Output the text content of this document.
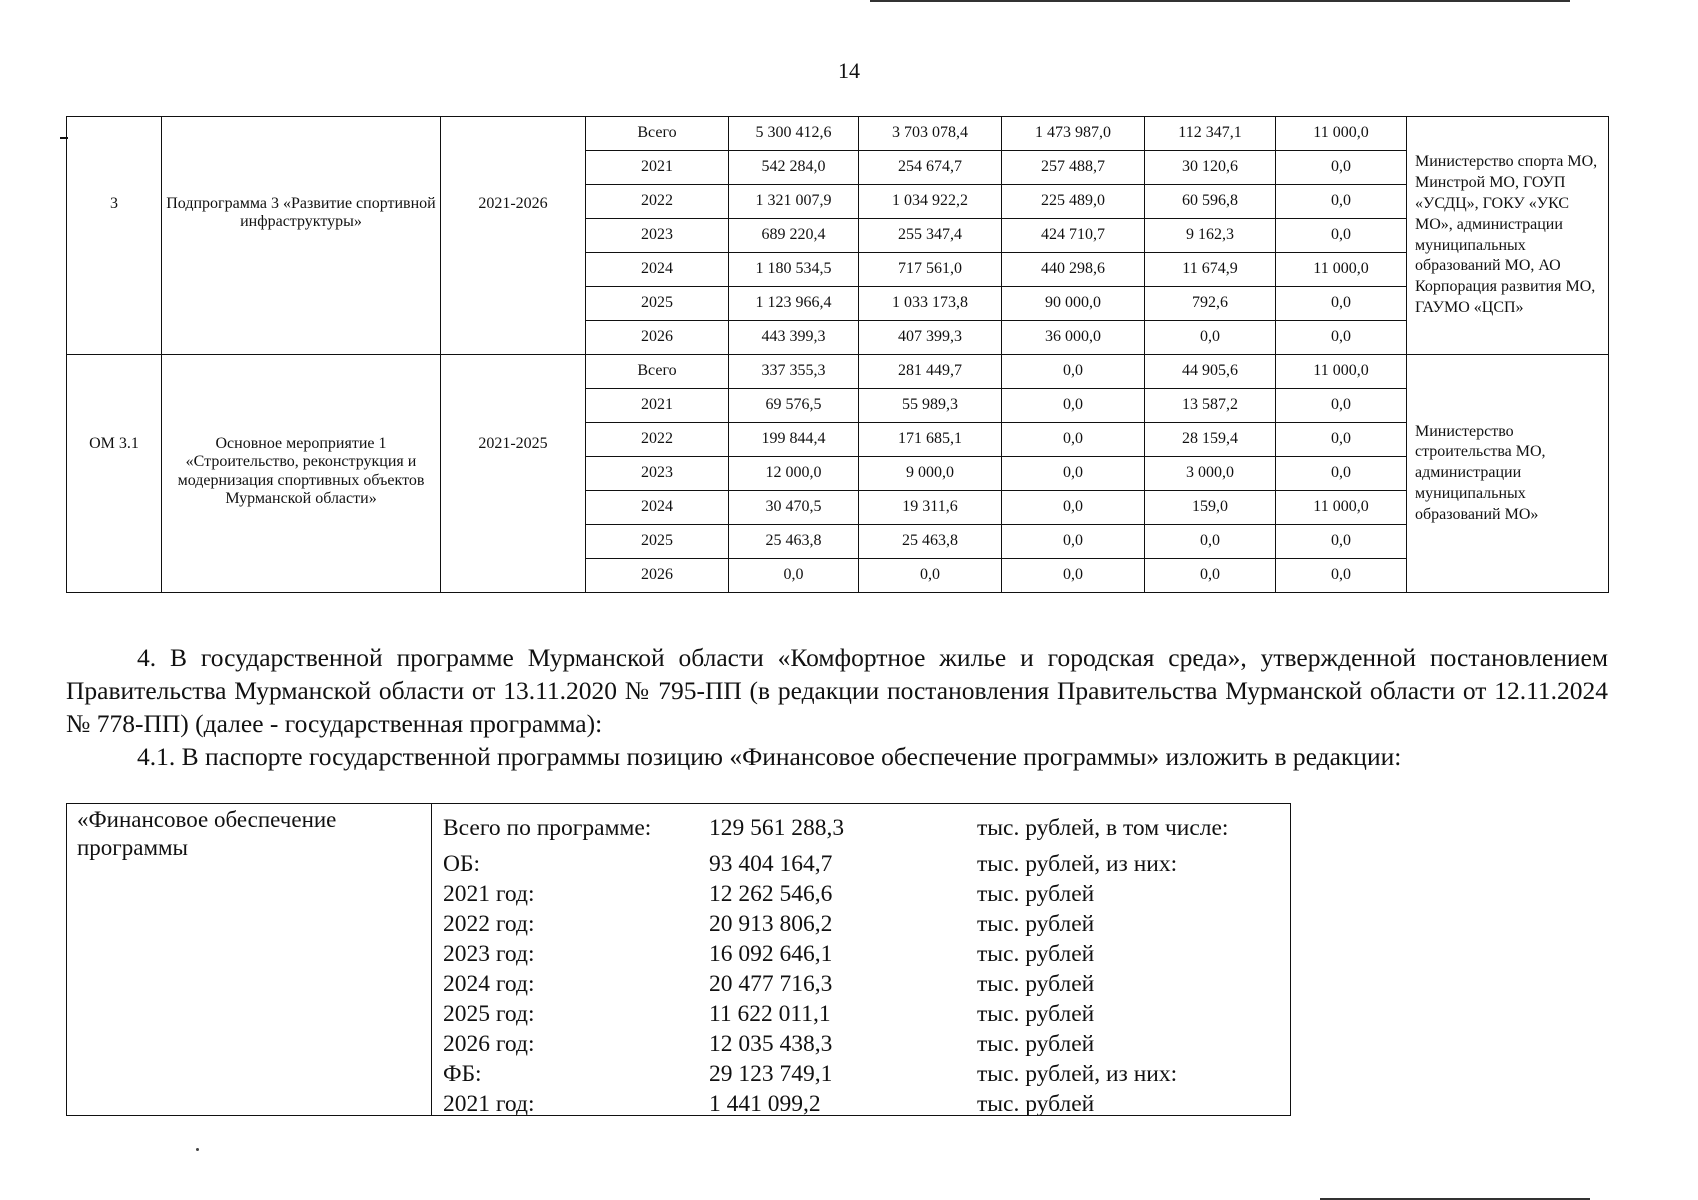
14
3	Подпрограмма 3 «Развитие спортивной инфраструктуры»	2021-2026	Всего	5 300 412,6	3 703 078,4	1 473 987,0	112 347,1	11 000,0	Министерство спорта МО, Минстрой МО, ГОУП «УСДЦ», ГОКУ «УКС МО», администрации муниципальных образований МО, АО Корпорация развития МО, ГАУМО «ЦСП»
			2021	542 284,0	254 674,7	257 488,7	30 120,6	0,0	
			2022	1 321 007,9	1 034 922,2	225 489,0	60 596,8	0,0	
			2023	689 220,4	255 347,4	424 710,7	9 162,3	0,0	
			2024	1 180 534,5	717 561,0	440 298,6	11 674,9	11 000,0	
			2025	1 123 966,4	1 033 173,8	90 000,0	792,6	0,0	
			2026	443 399,3	407 399,3	36 000,0	0,0	0,0	

ОМ 3.1	Основное мероприятие 1 «Строительство, реконструкция и модернизация спортивных объектов Мурманской области»	2021-2025	Всего	337 355,3	281 449,7	0,0	44 905,6	11 000,0	Министерство строительства МО, администрации муниципальных образований МО»
			2021	69 576,5	55 989,3	0,0	13 587,2	0,0	
			2022	199 844,4	171 685,1	0,0	28 159,4	0,0	
			2023	12 000,0	9 000,0	0,0	3 000,0	0,0	
			2024	30 470,5	19 311,6	0,0	159,0	11 000,0	
			2025	25 463,8	25 463,8	0,0	0,0	0,0	
			2026	0,0	0,0	0,0	0,0	0,0	
4. В государственной программе Мурманской области «Комфортное жилье и городская среда», утвержденной постановлением Правительства Мурманской области от 13.11.2020 № 795-ПП (в редакции постановления Правительства Мурманской области от 12.11.2024 № 778-ПП) (далее - государственная программа):
4.1. В паспорте государственной программы позицию «Финансовое обеспечение программы» изложить в редакции:
«Финансовое обеспечение программы
Всего по программе: 129 561 288,3	тыс. рублей, в том числе:
ОБ:	93 404 164,7	тыс. рублей, из них:
2021 год:	12 262 546,6	тыс. рублей
2022 год:	20 913 806,2	тыс. рублей
2023 год:	16 092 646,1	тыс. рублей
2024 год:	20 477 716,3	тыс. рублей
2025 год:	11 622 011,1	тыс. рублей
2026 год:	12 035 438,3	тыс. рублей
ФБ:	29 123 749,1	тыс. рублей, из них:
2021 год:	1 441 099,2	тыс. рублей
